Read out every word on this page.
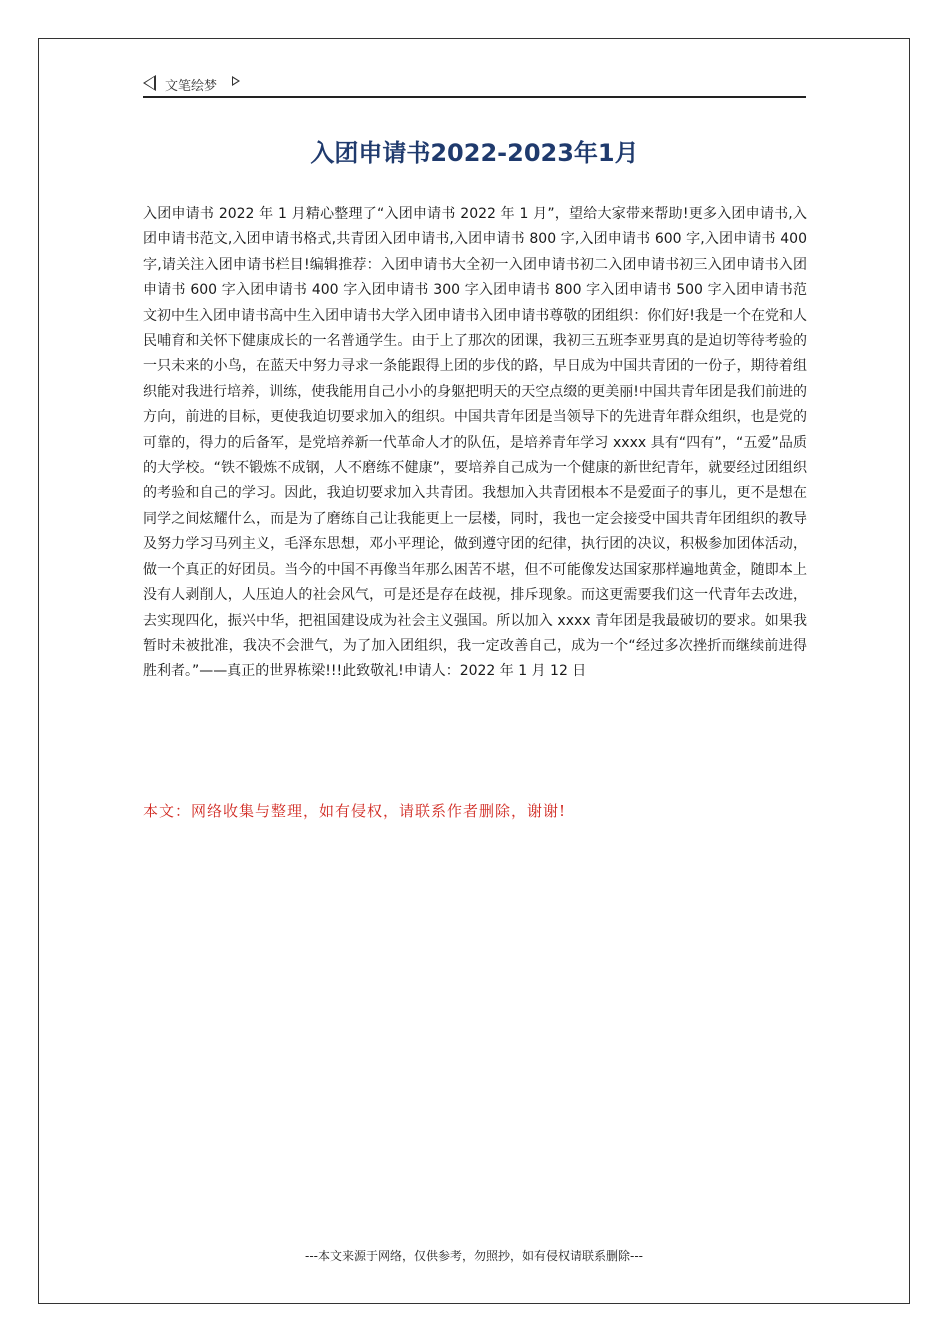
文笔绘梦
入团申请书2022-2023年1月

入团申请书 2022 年 1 月精心整理了“入团申请书 2022 年 1 月”，望给大家带来帮助!更多入团申请书,入团申请书范文,入团申请书格式,共青团入团申请书,入团申请书 800 字,入团申请书 600 字,入团申请书 400 字,请关注入团申请书栏目!编辑推荐：入团申请书大全初一入团申请书初二入团申请书初三入团申请书入团申请书 600 字入团申请书 400 字入团申请书 300 字入团申请书 800 字入团申请书 500 字入团申请书范文初中生入团申请书高中生入团申请书大学入团申请书入团申请书尊敬的团组织：你们好!我是一个在党和人民哺育和关怀下健康成长的一名普通学生。由于上了那次的团课，我初三五班李亚男真的是迫切等待考验的一只未来的小鸟，在蓝天中努力寻求一条能跟得上团的步伐的路，早日成为中国共青团的一份子，期待着组织能对我进行培养，训练，使我能用自己小小的身躯把明天的天空点缀的更美丽!中国共青年团是我们前进的方向，前进的目标，更使我迫切要求加入的组织。中国共青年团是当领导下的先进青年群众组织，也是党的可靠的，得力的后备军，是党培养新一代革命人才的队伍，是培养青年学习 xxxx 具有“四有”，“五爱”品质的大学校。“铁不锻炼不成钢，人不磨练不健康”，要培养自己成为一个健康的新世纪青年，就要经过团组织的考验和自己的学习。因此，我迫切要求加入共青团。我想加入共青团根本不是爱面子的事儿，更不是想在同学之间炫耀什么，而是为了磨练自己让我能更上一层楼，同时，我也一定会接受中国共青年团组织的教导及努力学习马列主义，毛泽东思想，邓小平理论，做到遵守团的纪律，执行团的决议，积极参加团体活动，做一个真正的好团员。当今的中国不再像当年那么困苦不堪，但不可能像发达国家那样遍地黄金，随即本上没有人剥削人，人压迫人的社会风气，可是还是存在歧视，排斥现象。而这更需要我们这一代青年去改进，去实现四化，振兴中华，把祖国建设成为社会主义强国。所以加入 xxxx 青年团是我最破切的要求。如果我暂时未被批准，我决不会泄气，为了加入团组织，我一定改善自己，成为一个“经过多次挫折而继续前进得胜利者。”——真正的世界栋梁!!!此致敬礼!申请人：2022 年 1 月 12 日

本文：网络收集与整理，如有侵权，请联系作者删除，谢谢!

---本文来源于网络，仅供参考，勿照抄，如有侵权请联系删除---
